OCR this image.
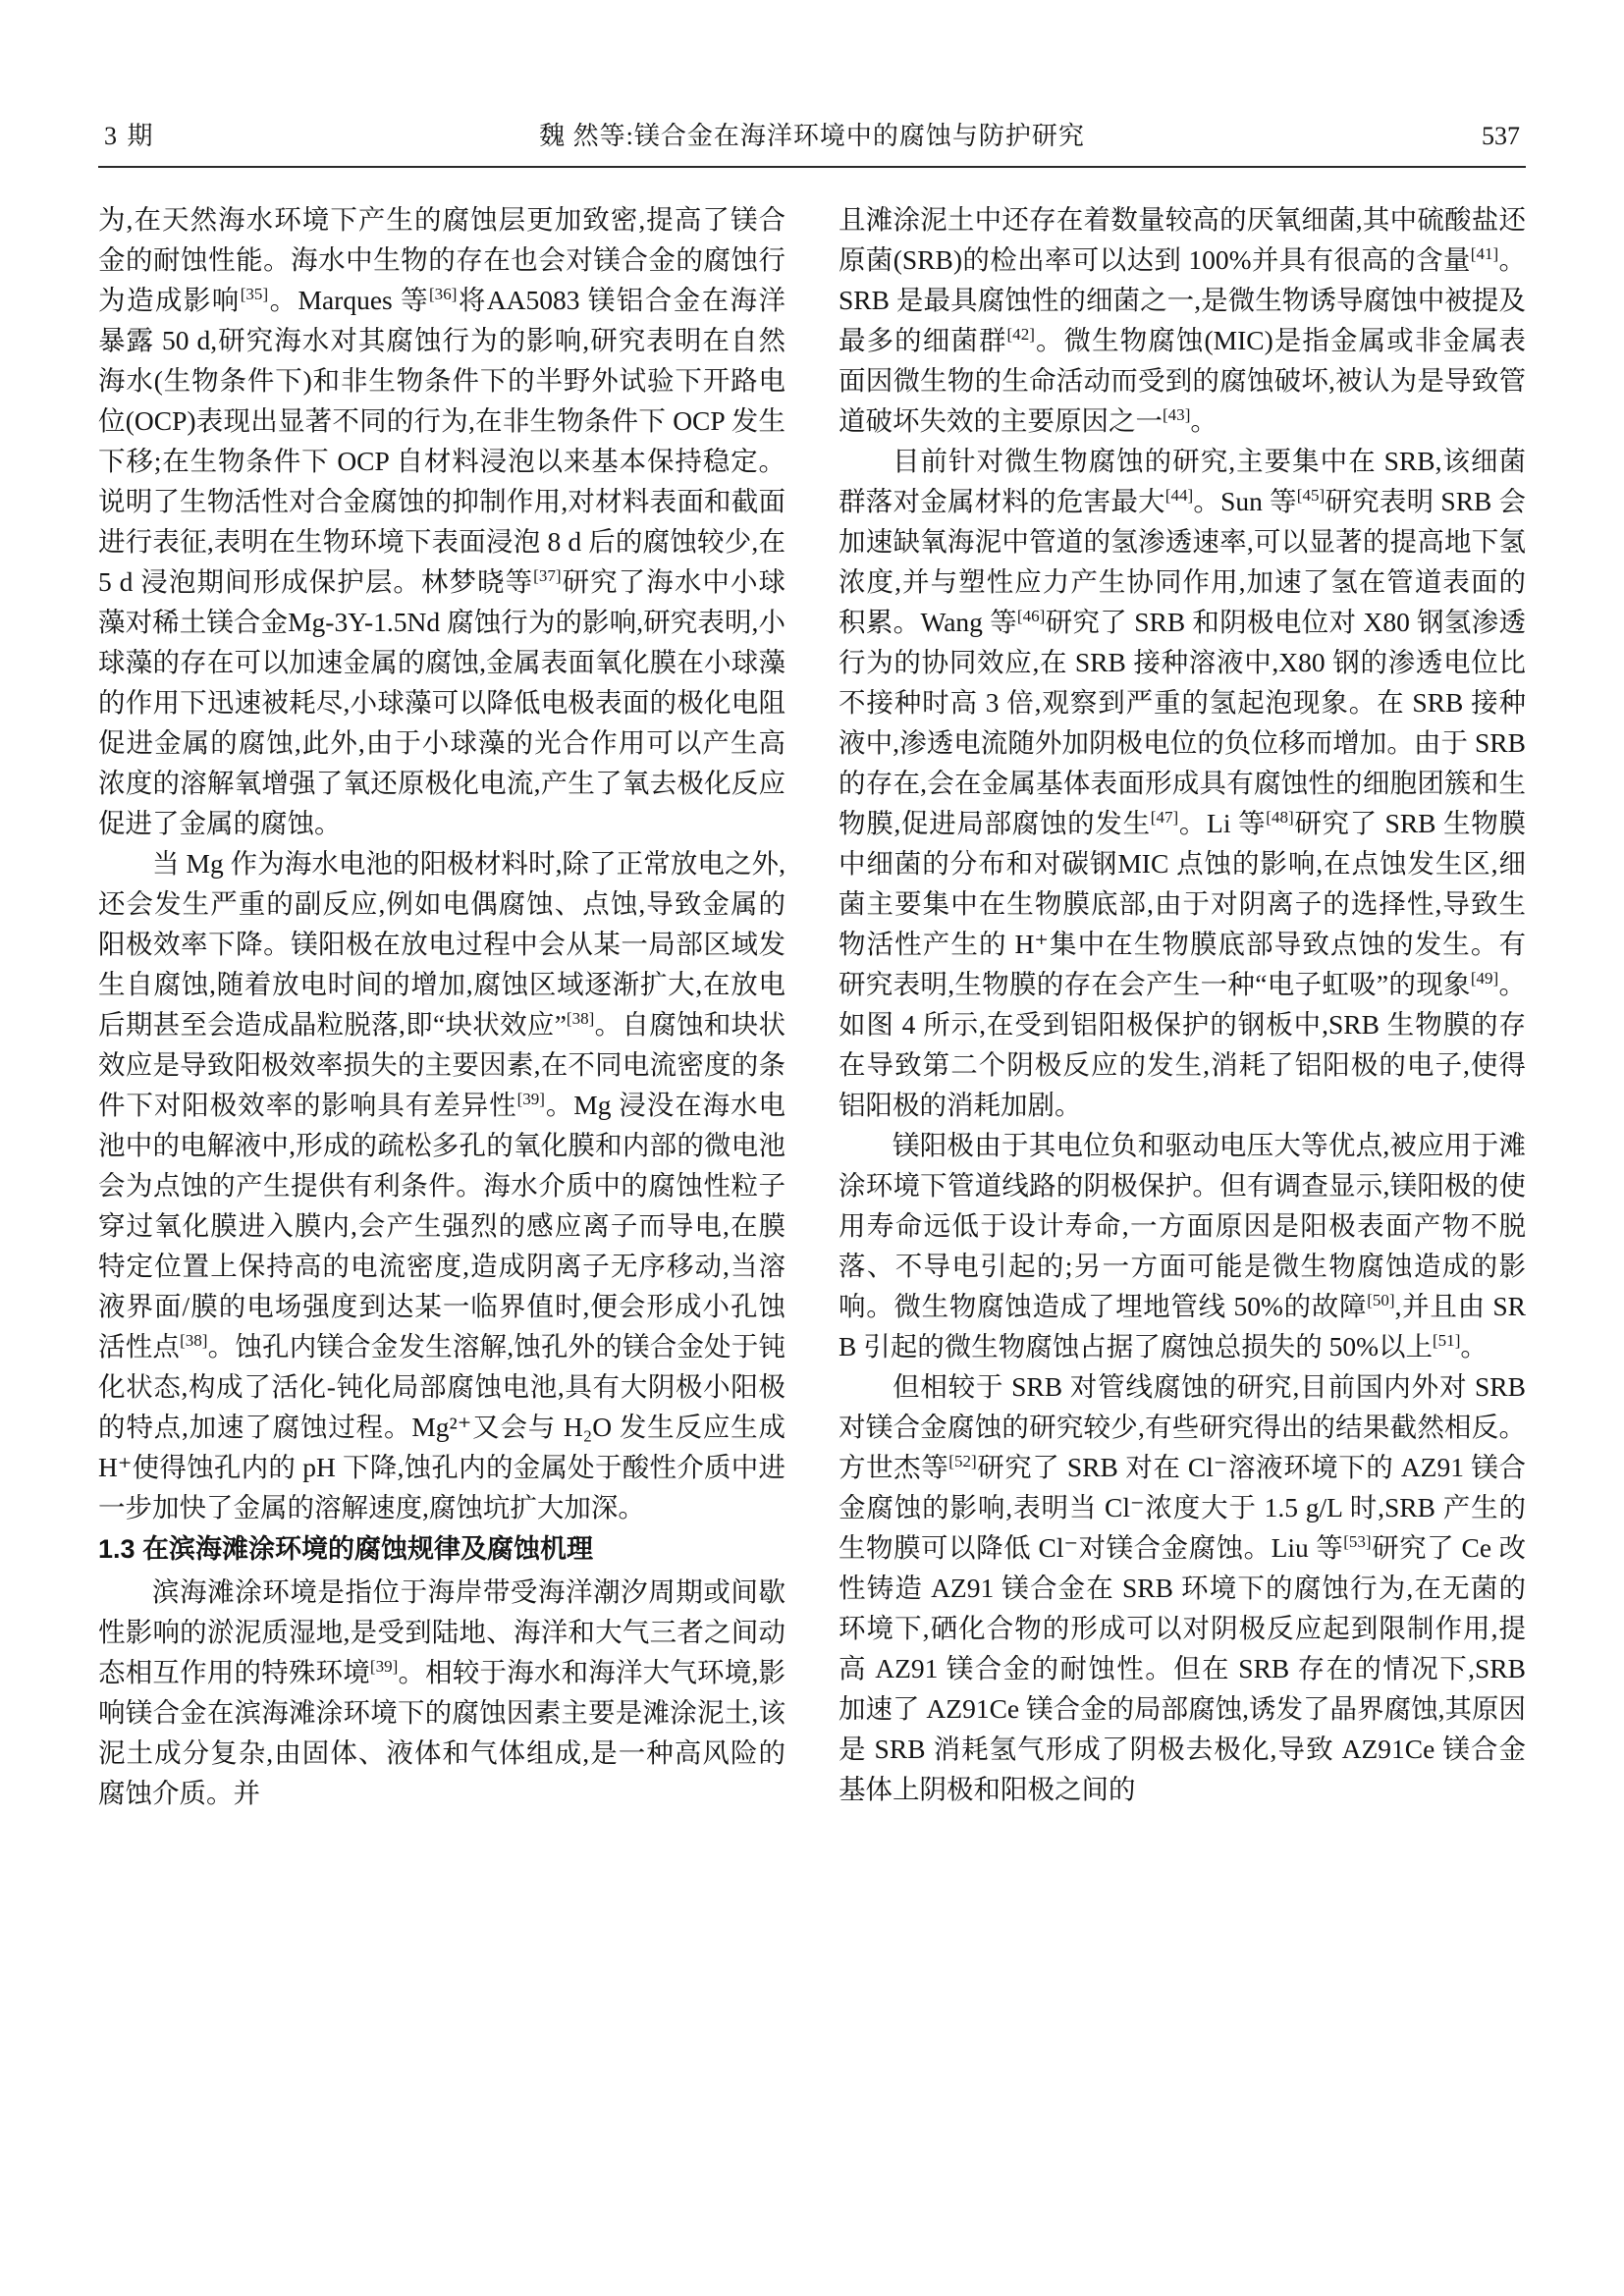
3 期	魏 然等:镁合金在海洋环境中的腐蚀与防护研究	537

为,在天然海水环境下产生的腐蚀层更加致密,提高了镁合金的耐蚀性能。海水中生物的存在也会对镁合金的腐蚀行为造成影响[35]。Marques 等[36]将AA5083 镁铝合金在海洋暴露 50 d,研究海水对其腐蚀行为的影响,研究表明在自然海水(生物条件下)和非生物条件下的半野外试验下开路电位(OCP)表现出显著不同的行为,在非生物条件下 OCP 发生下移;在生物条件下 OCP 自材料浸泡以来基本保持稳定。说明了生物活性对合金腐蚀的抑制作用,对材料表面和截面进行表征,表明在生物环境下表面浸泡 8 d 后的腐蚀较少,在 5 d 浸泡期间形成保护层。林梦晓等[37]研究了海水中小球藻对稀土镁合金Mg-3Y-1.5Nd 腐蚀行为的影响,研究表明,小球藻的存在可以加速金属的腐蚀,金属表面氧化膜在小球藻的作用下迅速被耗尽,小球藻可以降低电极表面的极化电阻促进金属的腐蚀,此外,由于小球藻的光合作用可以产生高浓度的溶解氧增强了氧还原极化电流,产生了氧去极化反应促进了金属的腐蚀。

当 Mg 作为海水电池的阳极材料时,除了正常放电之外,还会发生严重的副反应,例如电偶腐蚀、点蚀,导致金属的阳极效率下降。镁阳极在放电过程中会从某一局部区域发生自腐蚀,随着放电时间的增加,腐蚀区域逐渐扩大,在放电后期甚至会造成晶粒脱落,即“块状效应”[38]。自腐蚀和块状效应是导致阳极效率损失的主要因素,在不同电流密度的条件下对阳极效率的影响具有差异性[39]。Mg 浸没在海水电池中的电解液中,形成的疏松多孔的氧化膜和内部的微电池会为点蚀的产生提供有利条件。海水介质中的腐蚀性粒子穿过氧化膜进入膜内,会产生强烈的感应离子而导电,在膜特定位置上保持高的电流密度,造成阴离子无序移动,当溶液界面/膜的电场强度到达某一临界值时,便会形成小孔蚀活性点[38]。蚀孔内镁合金发生溶解,蚀孔外的镁合金处于钝化状态,构成了活化-钝化局部腐蚀电池,具有大阴极小阳极的特点,加速了腐蚀过程。Mg²⁺又会与 H₂O 发生反应生成 H⁺使得蚀孔内的 pH 下降,蚀孔内的金属处于酸性介质中进一步加快了金属的溶解速度,腐蚀坑扩大加深。

1.3 在滨海滩涂环境的腐蚀规律及腐蚀机理

滨海滩涂环境是指位于海岸带受海洋潮汐周期或间歇性影响的淤泥质湿地,是受到陆地、海洋和大气三者之间动态相互作用的特殊环境[39]。相较于海水和海洋大气环境,影响镁合金在滨海滩涂环境下的腐蚀因素主要是滩涂泥土,该泥土成分复杂,由固体、液体和气体组成,是一种高风险的腐蚀介质。并

且滩涂泥土中还存在着数量较高的厌氧细菌,其中硫酸盐还原菌(SRB)的检出率可以达到 100%并具有很高的含量[41]。SRB 是最具腐蚀性的细菌之一,是微生物诱导腐蚀中被提及最多的细菌群[42]。微生物腐蚀(MIC)是指金属或非金属表面因微生物的生命活动而受到的腐蚀破坏,被认为是导致管道破坏失效的主要原因之一[43]。

目前针对微生物腐蚀的研究,主要集中在 SRB,该细菌群落对金属材料的危害最大[44]。Sun 等[45]研究表明 SRB 会加速缺氧海泥中管道的氢渗透速率,可以显著的提高地下氢浓度,并与塑性应力产生协同作用,加速了氢在管道表面的积累。Wang 等[46]研究了 SRB 和阴极电位对 X80 钢氢渗透行为的协同效应,在 SRB 接种溶液中,X80 钢的渗透电位比不接种时高 3 倍,观察到严重的氢起泡现象。在 SRB 接种液中,渗透电流随外加阴极电位的负位移而增加。由于 SRB 的存在,会在金属基体表面形成具有腐蚀性的细胞团簇和生物膜,促进局部腐蚀的发生[47]。Li 等[48]研究了 SRB 生物膜中细菌的分布和对碳钢MIC 点蚀的影响,在点蚀发生区,细菌主要集中在生物膜底部,由于对阴离子的选择性,导致生物活性产生的 H⁺集中在生物膜底部导致点蚀的发生。有研究表明,生物膜的存在会产生一种“电子虹吸”的现象[49]。如图 4 所示,在受到铝阳极保护的钢板中,SRB 生物膜的存在导致第二个阴极反应的发生,消耗了铝阳极的电子,使得铝阳极的消耗加剧。

镁阳极由于其电位负和驱动电压大等优点,被应用于滩涂环境下管道线路的阴极保护。但有调查显示,镁阳极的使用寿命远低于设计寿命,一方面原因是阳极表面产物不脱落、不导电引起的;另一方面可能是微生物腐蚀造成的影响。微生物腐蚀造成了埋地管线 50%的故障[50],并且由 SRB 引起的微生物腐蚀占据了腐蚀总损失的 50%以上[51]。

但相较于 SRB 对管线腐蚀的研究,目前国内外对 SRB 对镁合金腐蚀的研究较少,有些研究得出的结果截然相反。方世杰等[52]研究了 SRB 对在 Cl⁻溶液环境下的 AZ91 镁合金腐蚀的影响,表明当 Cl⁻浓度大于 1.5 g/L 时,SRB 产生的生物膜可以降低 Cl⁻对镁合金腐蚀。Liu 等[53]研究了 Ce 改性铸造 AZ91 镁合金在 SRB 环境下的腐蚀行为,在无菌的环境下,硒化合物的形成可以对阴极反应起到限制作用,提高 AZ91 镁合金的耐蚀性。但在 SRB 存在的情况下,SRB 加速了 AZ91Ce 镁合金的局部腐蚀,诱发了晶界腐蚀,其原因是 SRB 消耗氢气形成了阴极去极化,导致 AZ91Ce 镁合金基体上阴极和阳极之间的
